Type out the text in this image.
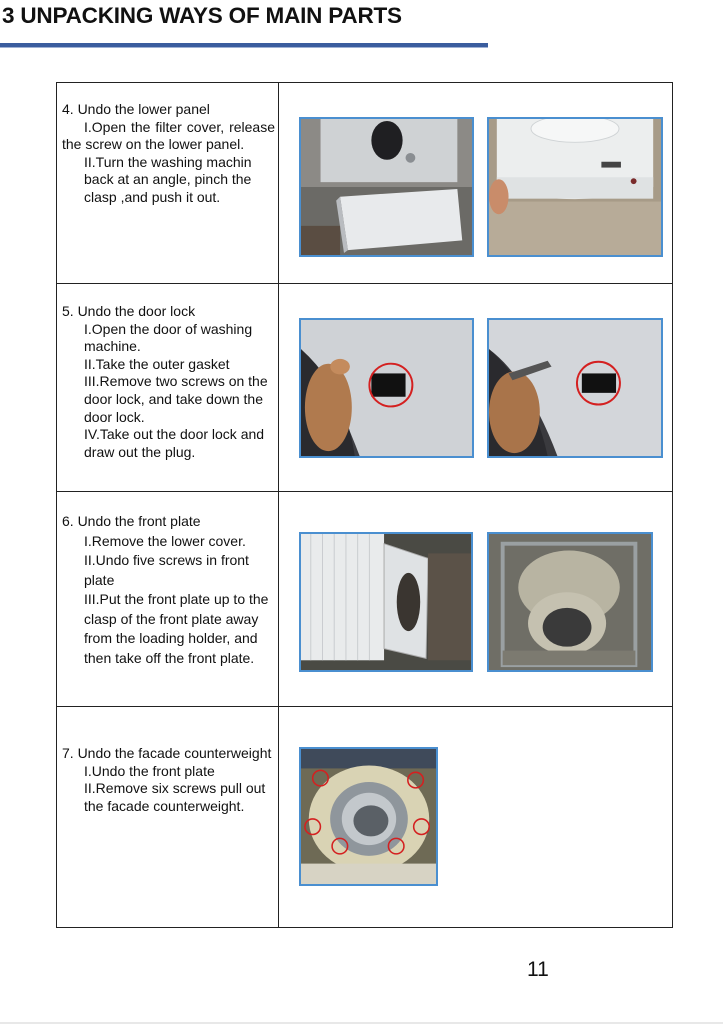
3 UNPACKING WAYS OF MAIN PARTS

4. Undo the lower panel

I.Open the filter cover, release the screw on the lower panel.

II.Turn the washing machin back at an angle, pinch the clasp ,and push it out.

5. Undo the door lock

I.Open the door of washing machine.

II.Take the outer gasket

III.Remove two screws on the door lock, and take down the door lock.

IV.Take out the door lock and draw out the plug.

6. Undo the front plate

I.Remove the lower cover.

II.Undo five screws in front plate

III.Put the front plate up to the clasp of the front plate away from the loading holder, and then take off the front plate.

7. Undo the facade counterweight

I.Undo the front plate

II.Remove six screws pull out the facade counterweight.

11
